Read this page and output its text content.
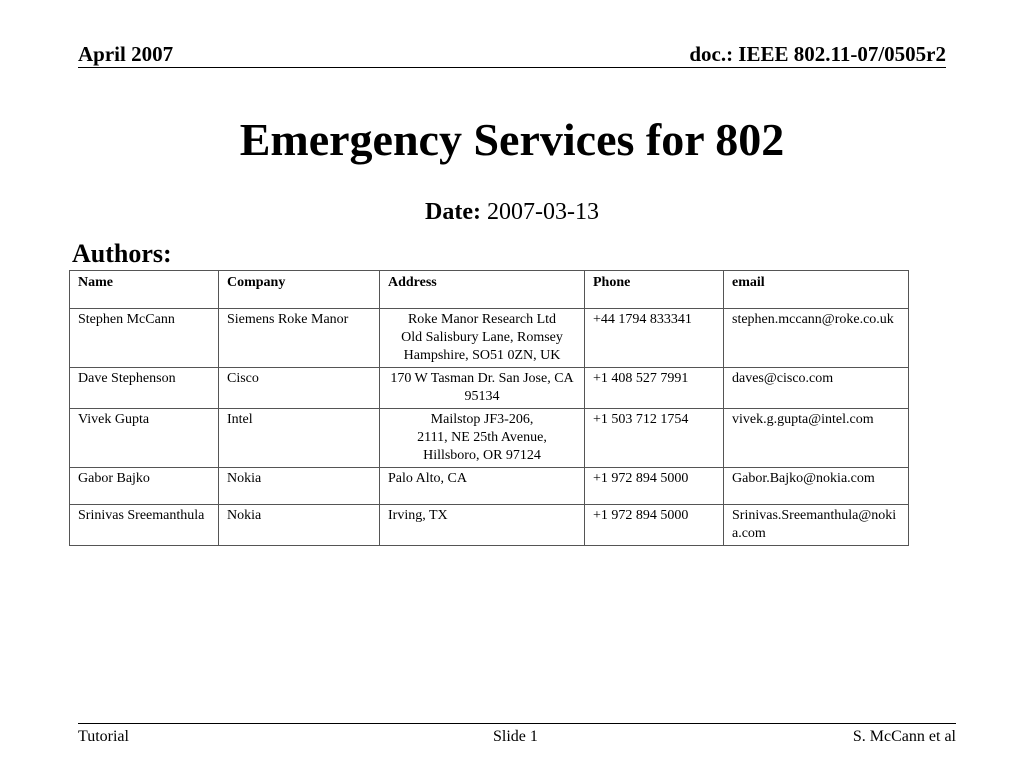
April 2007	doc.: IEEE 802.11-07/0505r2
Emergency Services for 802
Date: 2007-03-13
Authors:
Name	Company	Address	Phone	email
Stephen McCann	Siemens Roke Manor	Roke Manor Research Ltd
Old Salisbury Lane, Romsey
Hampshire, SO51 0ZN, UK	+44 1794 833341	stephen.mccann@roke.co.uk
Dave Stephenson	Cisco	170 W Tasman Dr. San Jose, CA 95134	+1 408 527 7991	daves@cisco.com
Vivek Gupta	Intel	Mailstop JF3-206,
2111, NE 25th Avenue,
Hillsboro, OR 97124	+1 503 712 1754	vivek.g.gupta@intel.com
Gabor Bajko	Nokia	Palo Alto, CA	+1 972 894 5000	Gabor.Bajko@nokia.com
Srinivas Sreemanthula	Nokia	Irving, TX	+1 972 894 5000	Srinivas.Sreemanthula@nokia.com
Tutorial	Slide 1	S. McCann et al
